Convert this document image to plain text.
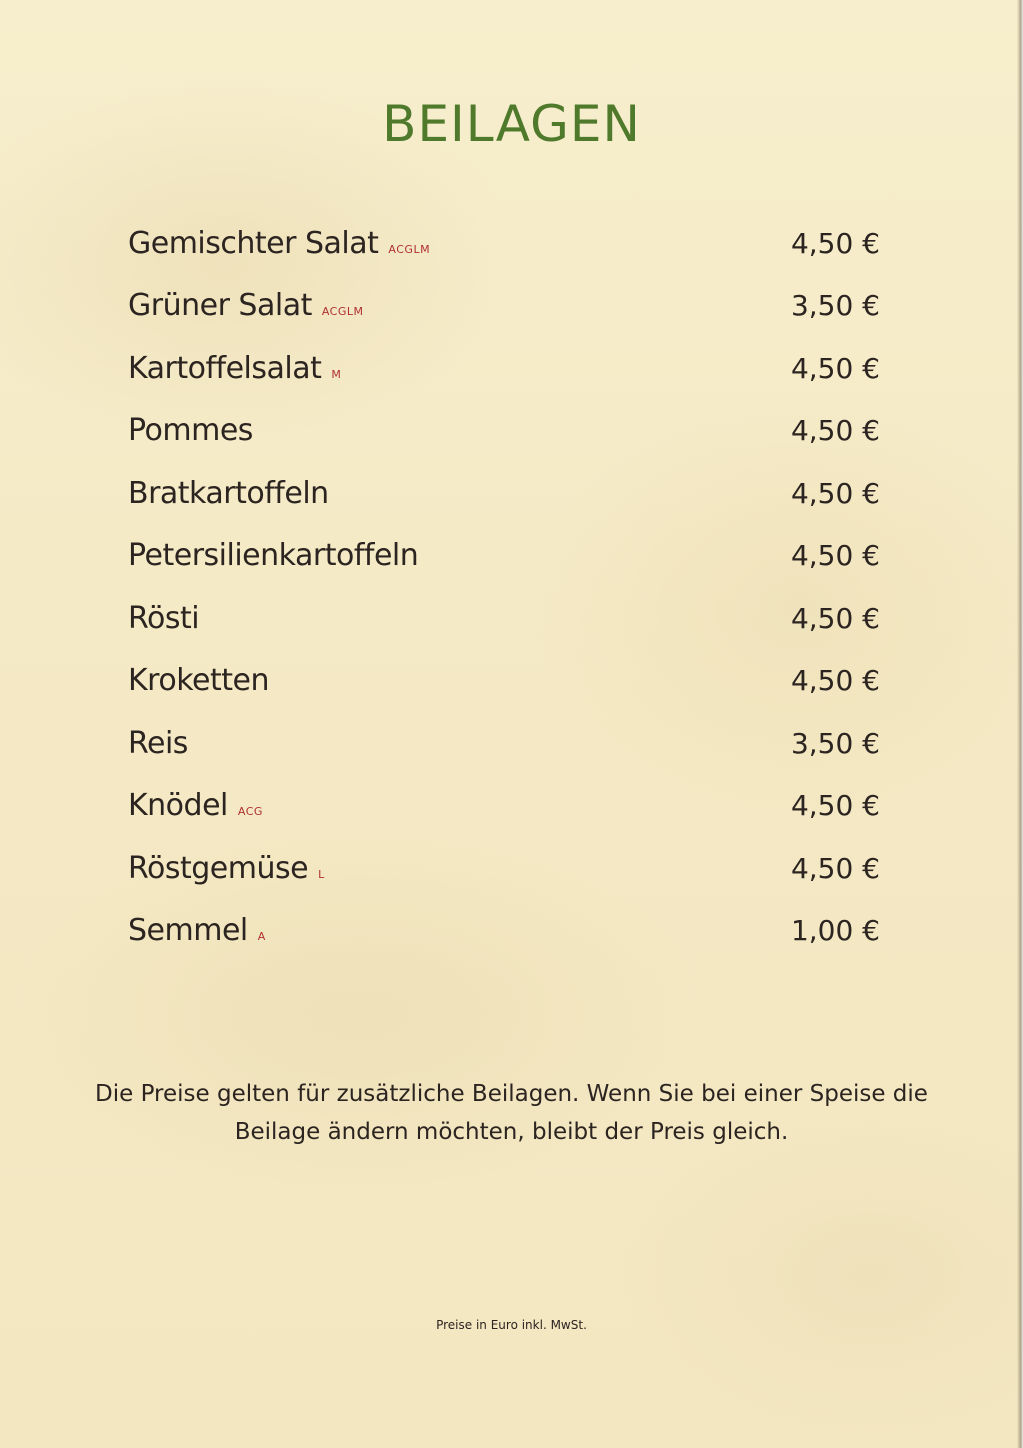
BEILAGEN
Gemischter Salat ACGLM	4,50 €
Grüner Salat ACGLM	3,50 €
Kartoffelsalat M	4,50 €
Pommes	4,50 €
Bratkartoffeln	4,50 €
Petersilienkartoffeln	4,50 €
Rösti	4,50 €
Kroketten	4,50 €
Reis	3,50 €
Knödel ACG	4,50 €
Röstgemüse L	4,50 €
Semmel A	1,00 €

Die Preise gelten für zusätzliche Beilagen. Wenn Sie bei einer Speise die Beilage ändern möchten, bleibt der Preis gleich.

Preise in Euro inkl. MwSt.
